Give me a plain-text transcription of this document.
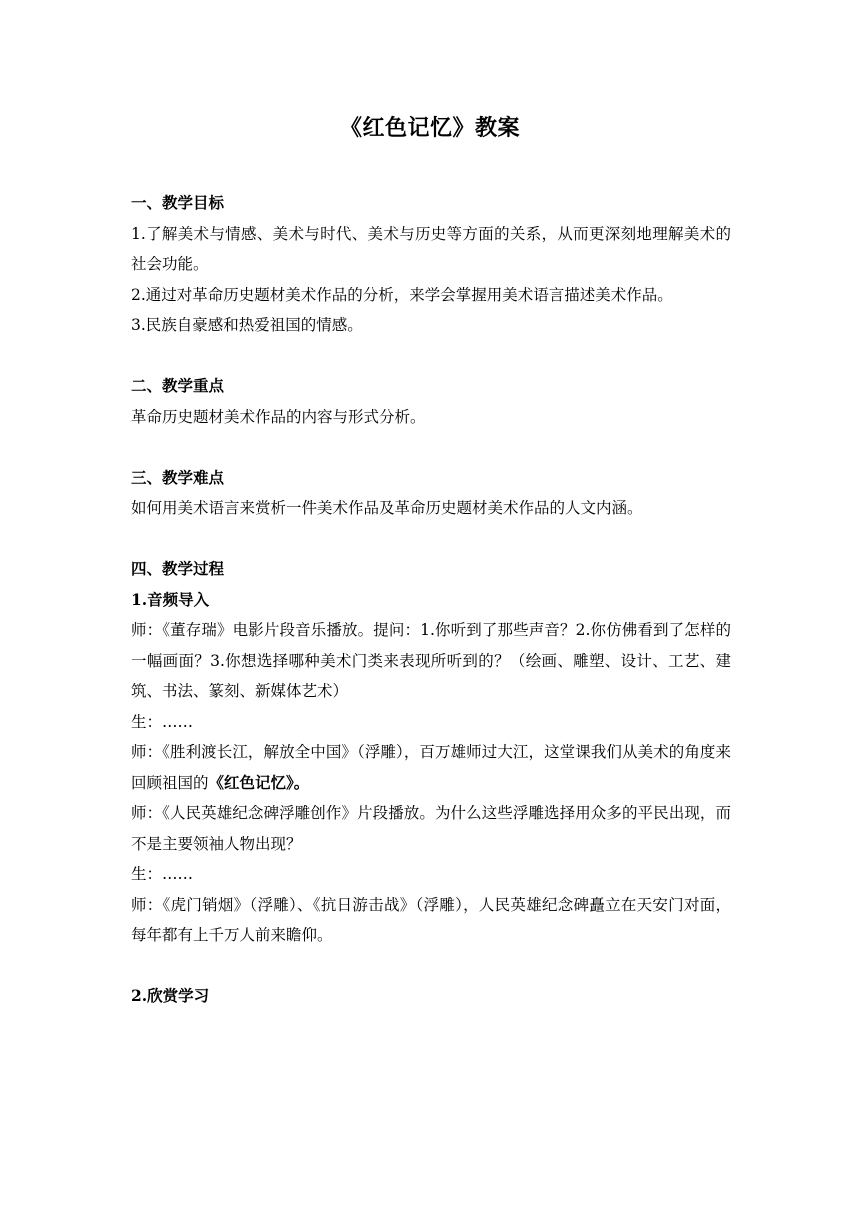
《红色记忆》教案

一、教学目标

1.了解美术与情感、美术与时代、美术与历史等方面的关系，从而更深刻地理解美术的社会功能。

2.通过对革命历史题材美术作品的分析，来学会掌握用美术语言描述美术作品。

3.民族自豪感和热爱祖国的情感。

二、教学重点

革命历史题材美术作品的内容与形式分析。

三、教学难点

如何用美术语言来赏析一件美术作品及革命历史题材美术作品的人文内涵。

四、教学过程

1.音频导入

师：《董存瑞》电影片段音乐播放。提问：1.你听到了那些声音？2.你仿佛看到了怎样的一幅画面？3.你想选择哪种美术门类来表现所听到的？（绘画、雕塑、设计、工艺、建筑、书法、篆刻、新媒体艺术）

生：……

师：《胜利渡长江，解放全中国》（浮雕），百万雄师过大江，这堂课我们从美术的角度来回顾祖国的《红色记忆》。

师：《人民英雄纪念碑浮雕创作》片段播放。为什么这些浮雕选择用众多的平民出现，而不是主要领袖人物出现？

生：……

师：《虎门销烟》（浮雕）、《抗日游击战》（浮雕），人民英雄纪念碑矗立在天安门对面，每年都有上千万人前来瞻仰。

2.欣赏学习
